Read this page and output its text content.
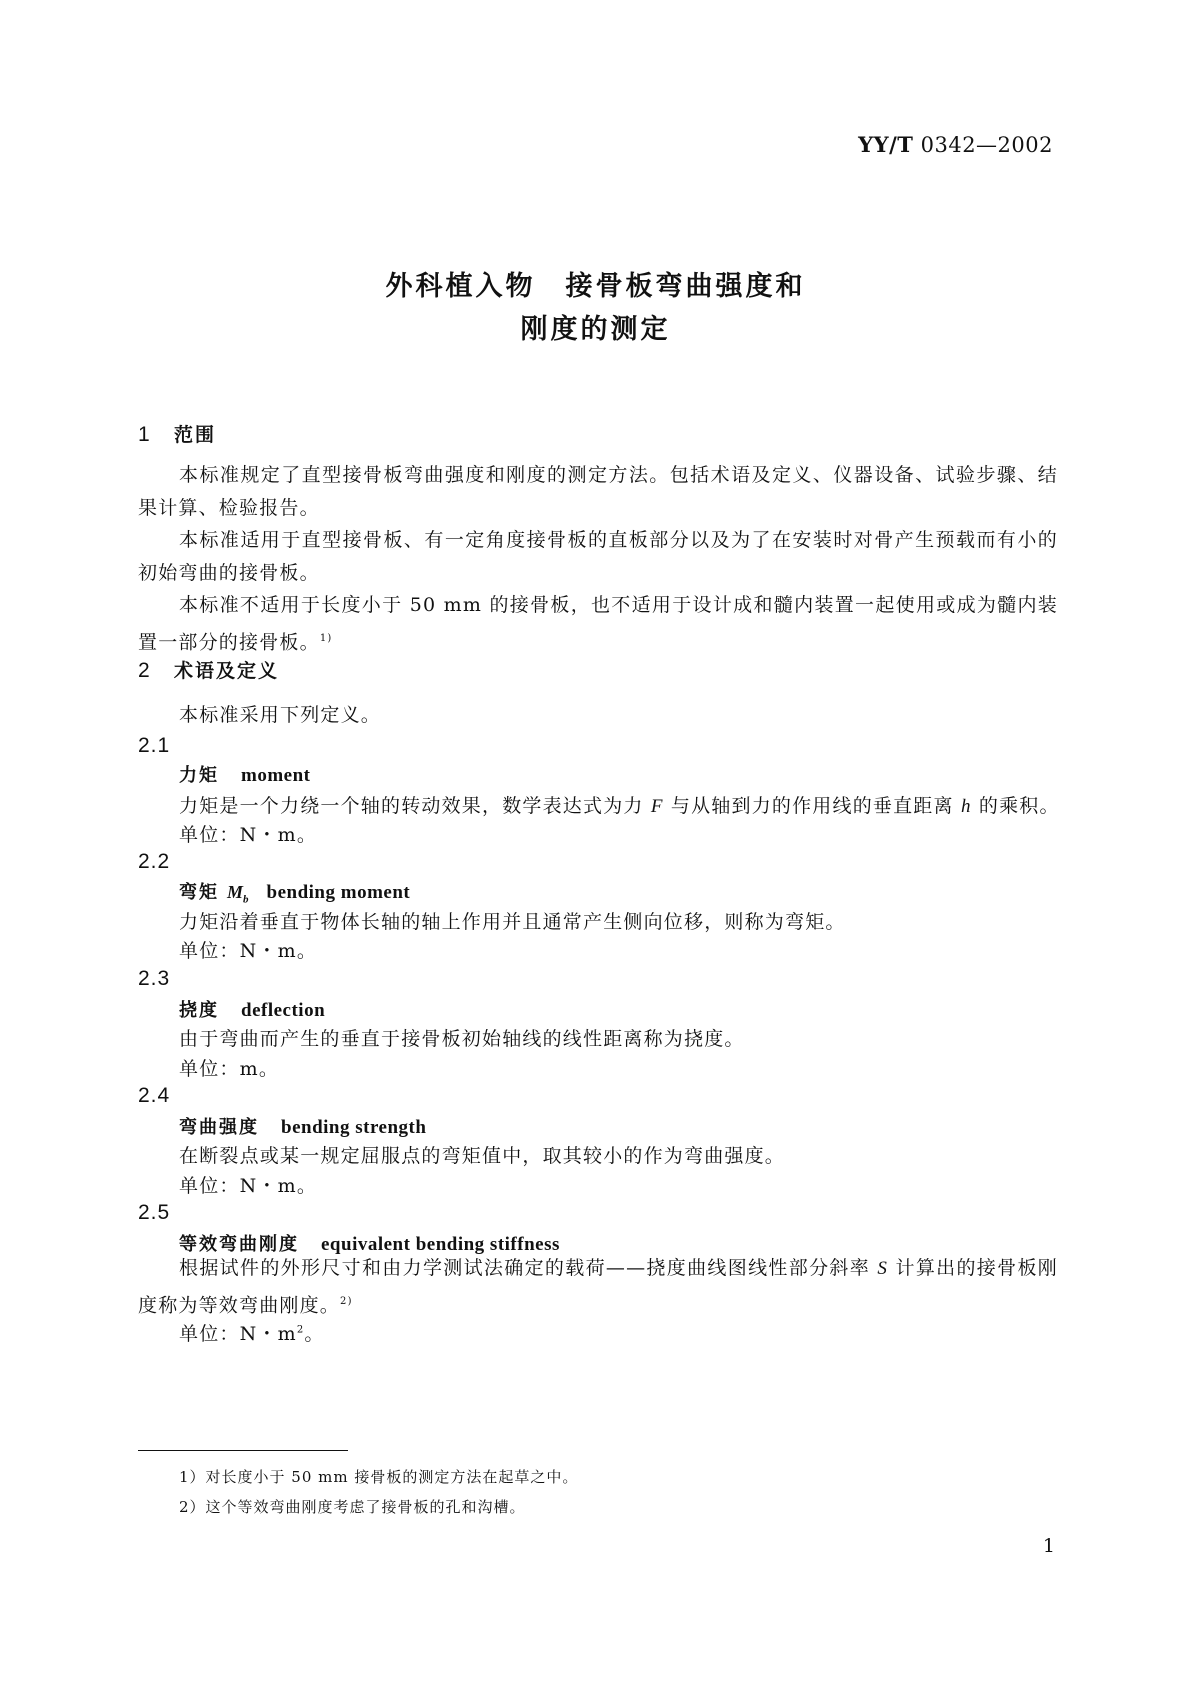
YY/T 0342—2002
外科植入物　接骨板弯曲强度和
刚度的测定
1 范围
本标准规定了直型接骨板弯曲强度和刚度的测定方法。包括术语及定义、仪器设备、试验步骤、结果计算、检验报告。
本标准适用于直型接骨板、有一定角度接骨板的直板部分以及为了在安装时对骨产生预载而有小的初始弯曲的接骨板。
本标准不适用于长度小于 50 mm 的接骨板，也不适用于设计成和髓内装置一起使用或成为髓内装置一部分的接骨板。$^{1)}$
2 术语及定义
本标准采用下列定义。
2.1
力矩 moment
力矩是一个力绕一个轴的转动效果，数学表达式为力 F 与从轴到力的作用线的垂直距离 h 的乘积。
单位：N・m。
2.2
弯矩 $M_b$ bending moment
力矩沿着垂直于物体长轴的轴上作用并且通常产生侧向位移，则称为弯矩。
单位：N・m。
2.3
挠度 deflection
由于弯曲而产生的垂直于接骨板初始轴线的线性距离称为挠度。
单位：m。
2.4
弯曲强度 bending strength
在断裂点或某一规定屈服点的弯矩值中，取其较小的作为弯曲强度。
单位：N・m。
2.5
等效弯曲刚度 equivalent bending stiffness
根据试件的外形尺寸和由力学测试法确定的载荷——挠度曲线图线性部分斜率 S 计算出的接骨板刚度称为等效弯曲刚度。$^{2)}$
单位：N・$m^2$。
1）对长度小于 50 mm 接骨板的测定方法在起草之中。
2）这个等效弯曲刚度考虑了接骨板的孔和沟槽。
1
